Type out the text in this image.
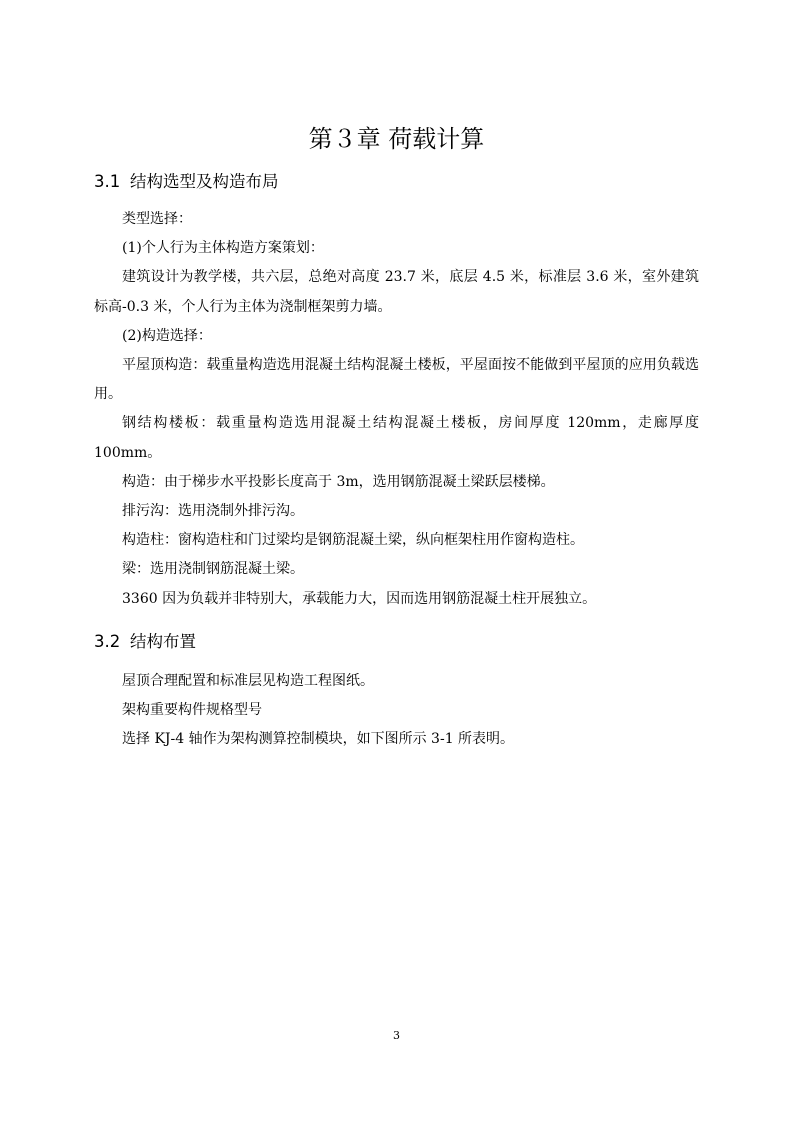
第３章 荷载计算
3.1 结构选型及构造布局

类型选择：

(1)个人行为主体构造方案策划：

建筑设计为教学楼，共六层，总绝对高度 23.7 米，底层 4.5 米，标准层 3.6 米，室外建筑标高-0.3 米，个人行为主体为浇制框架剪力墙。

(2)构造选择：

平屋顶构造：载重量构造选用混凝土结构混凝土楼板，平屋面按不能做到平屋顶的应用负载选用。

钢结构楼板：载重量构造选用混凝土结构混凝土楼板，房间厚度 120mm，走廊厚度 100mm。

构造：由于梯步水平投影长度高于 3m，选用钢筋混凝土梁跃层楼梯。

排污沟：选用浇制外排污沟。

构造柱：窗构造柱和门过梁均是钢筋混凝土梁，纵向框架柱用作窗构造柱。

梁：选用浇制钢筋混凝土梁。

3360 因为负载并非特别大，承载能力大，因而选用钢筋混凝土柱开展独立。

3.2 结构布置

屋顶合理配置和标准层见构造工程图纸。

架构重要构件规格型号

选择 KJ-4 轴作为架构测算控制模块，如下图所示 3-1 所表明。

3
